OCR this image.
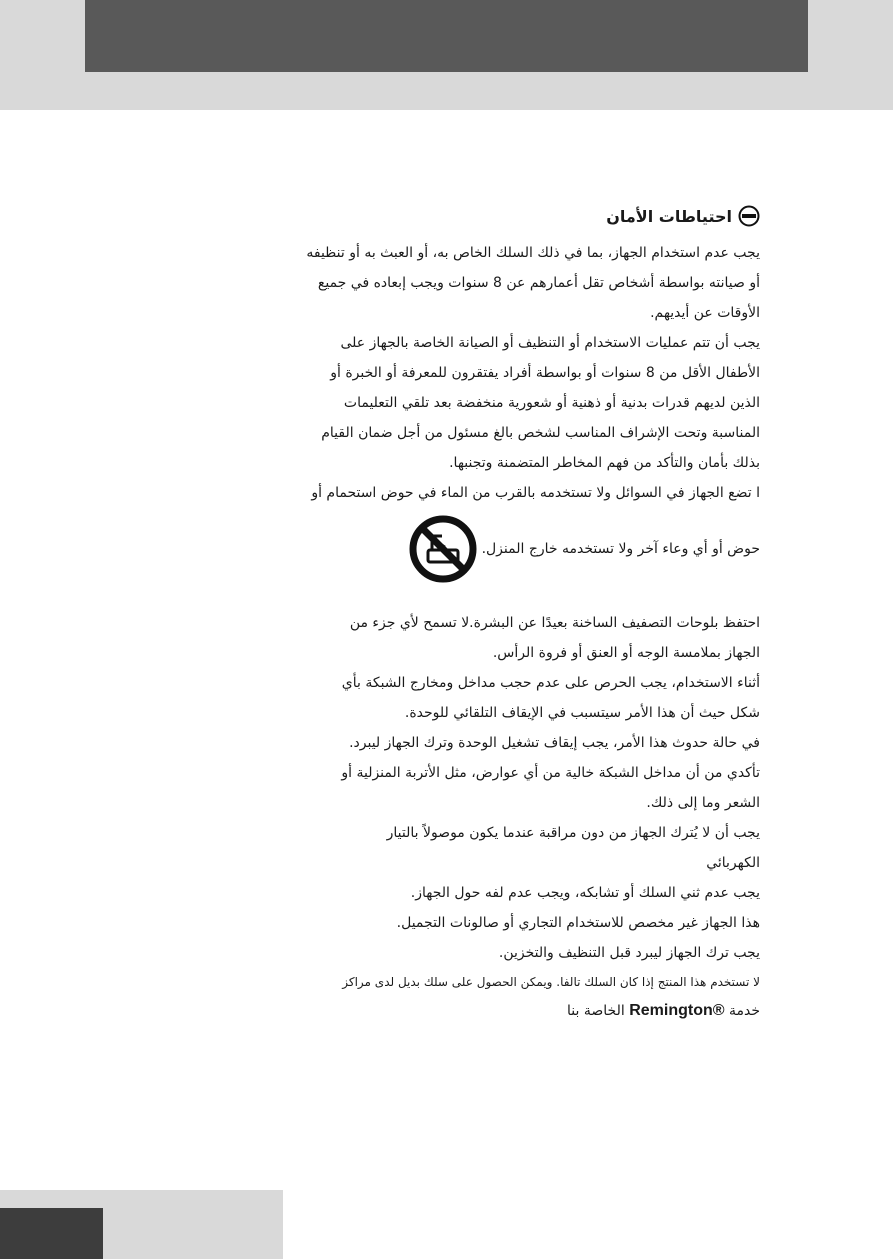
احتياطات الأمان
يجب عدم استخدام الجهاز، بما في ذلك السلك الخاص به، أو العبث به أو تنظيفه
أو صيانته بواسطة أشخاص تقل أعمارهم عن 8 سنوات ويجب إبعاده في جميع
الأوقات عن أيديهم.
يجب أن تتم عمليات الاستخدام أو التنظيف أو الصيانة الخاصة بالجهاز على
الأطفال الأقل من 8 سنوات أو بواسطة أفراد يفتقرون للمعرفة أو الخبرة أو
الذين لديهم قدرات بدنية أو ذهنية أو شعورية منخفضة بعد تلقي التعليمات
المناسبة وتحت الإشراف المناسب لشخص بالغ مسئول من أجل ضمان القيام
بذلك بأمان والتأكد من فهم المخاطر المتضمنة وتجنبها.
ا تضع الجهاز في السوائل ولا تستخدمه بالقرب من الماء في حوض استحمام أو
حوض أو أي وعاء آخر ولا تستخدمه خارج المنزل.
احتفظ بلوحات التصفيف الساخنة بعيدًا عن البشرة.لا تسمح لأي جزء من
الجهاز بملامسة الوجه أو العنق أو فروة الرأس.
أثناء الاستخدام، يجب الحرص على عدم حجب مداخل ومخارج الشبكة بأي
شكل حيث أن هذا الأمر سيتسبب في الإيقاف التلقائي للوحدة.
في حالة حدوث هذا الأمر، يجب إيقاف تشغيل الوحدة وترك الجهاز ليبرد.
تأكدي من أن مداخل الشبكة خالية من أي عوارض، مثل الأتربة المنزلية أو
الشعر وما إلى ذلك.
يجب أن لا يُترك الجهاز من دون مراقبة عندما يكون موصولاً بالتيار
الكهربائي
يجب عدم ثني السلك أو تشابكه، ويجب عدم لفه حول الجهاز.
هذا الجهاز غير مخصص للاستخدام التجاري أو صالونات التجميل.
يجب ترك الجهاز ليبرد قبل التنظيف والتخزين.
لا تستخدم هذا المنتج إذا كان السلك تالفا. ويمكن الحصول على سلك بديل لدى مراكز
خدمة Remington® الخاصة بنا
